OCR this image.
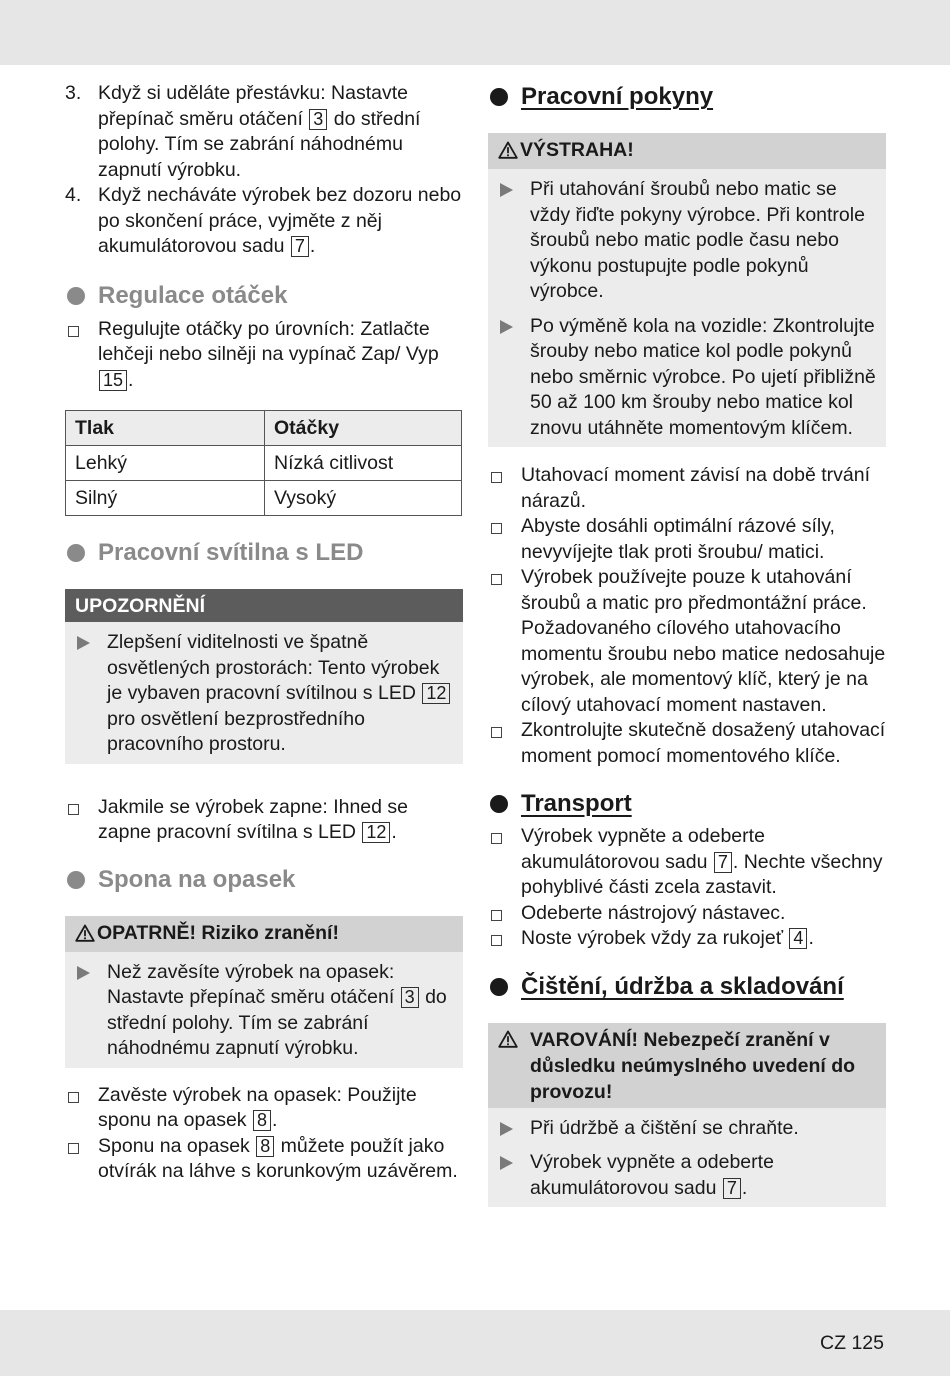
3. Když si uděláte přestávku: Nastavte přepínač směru otáčení 3 do střední polohy. Tím se zabrání náhodnému zapnutí výrobku.
4. Když necháváte výrobek bez dozoru nebo po skončení práce, vyjměte z něj akumulátorovou sadu 7 .
Regulace otáček
Regulujte otáčky po úrovních: Zatlačte lehčeji nebo silněji na vypínač Zap/ Vyp 15 .
Tlak	Otáčky
Lehký	Nízká citlivost
Silný	Vysoký
Pracovní svítilna s LED
UPOZORNĚNÍ
Zlepšení viditelnosti ve špatně osvětlených prostorách: Tento výrobek je vybaven pracovní svítilnou s LED 12 pro osvětlení bezprostředního pracovního prostoru.
Jakmile se výrobek zapne: Ihned se zapne pracovní svítilna s LED 12 .
Spona na opasek
OPATRNĚ! Riziko zranění!
Než zavěsíte výrobek na opasek: Nastavte přepínač směru otáčení 3 do střední polohy. Tím se zabrání náhodnému zapnutí výrobku.
Zavěste výrobek na opasek: Použijte sponu na opasek 8 .
Sponu na opasek 8 můžete použít jako otvírák na láhve s korunkovým uzávěrem.
Pracovní pokyny
VÝSTRAHA!
Při utahování šroubů nebo matic se vždy řiďte pokyny výrobce. Při kontrole šroubů nebo matic podle času nebo výkonu postupujte podle pokynů výrobce.
Po výměně kola na vozidle: Zkontrolujte šrouby nebo matice kol podle pokynů nebo směrnic výrobce. Po ujetí přibližně 50 až 100 km šrouby nebo matice kol znovu utáhněte momentovým klíčem.
Utahovací moment závisí na době trvání nárazů.
Abyste dosáhli optimální rázové síly, nevyvíjejte tlak proti šroubu/ matici.
Výrobek používejte pouze k utahování šroubů a matic pro předmontážní práce. Požadovaného cílového utahovacího momentu šroubu nebo matice nedosahuje výrobek, ale momentový klíč, který je na cílový utahovací moment nastaven.
Zkontrolujte skutečně dosažený utahovací moment pomocí momentového klíče.
Transport
Výrobek vypněte a odeberte akumulátorovou sadu 7 . Nechte všechny pohyblivé části zcela zastavit.
Odeberte nástrojový nástavec.
Noste výrobek vždy za rukojeť 4 .
Čištění, údržba a skladování
VAROVÁNÍ! Nebezpečí zranění v důsledku neúmyslného uvedení do provozu!
Při údržbě a čištění se chraňte.
Výrobek vypněte a odeberte akumulátorovou sadu 7 .
CZ 125
